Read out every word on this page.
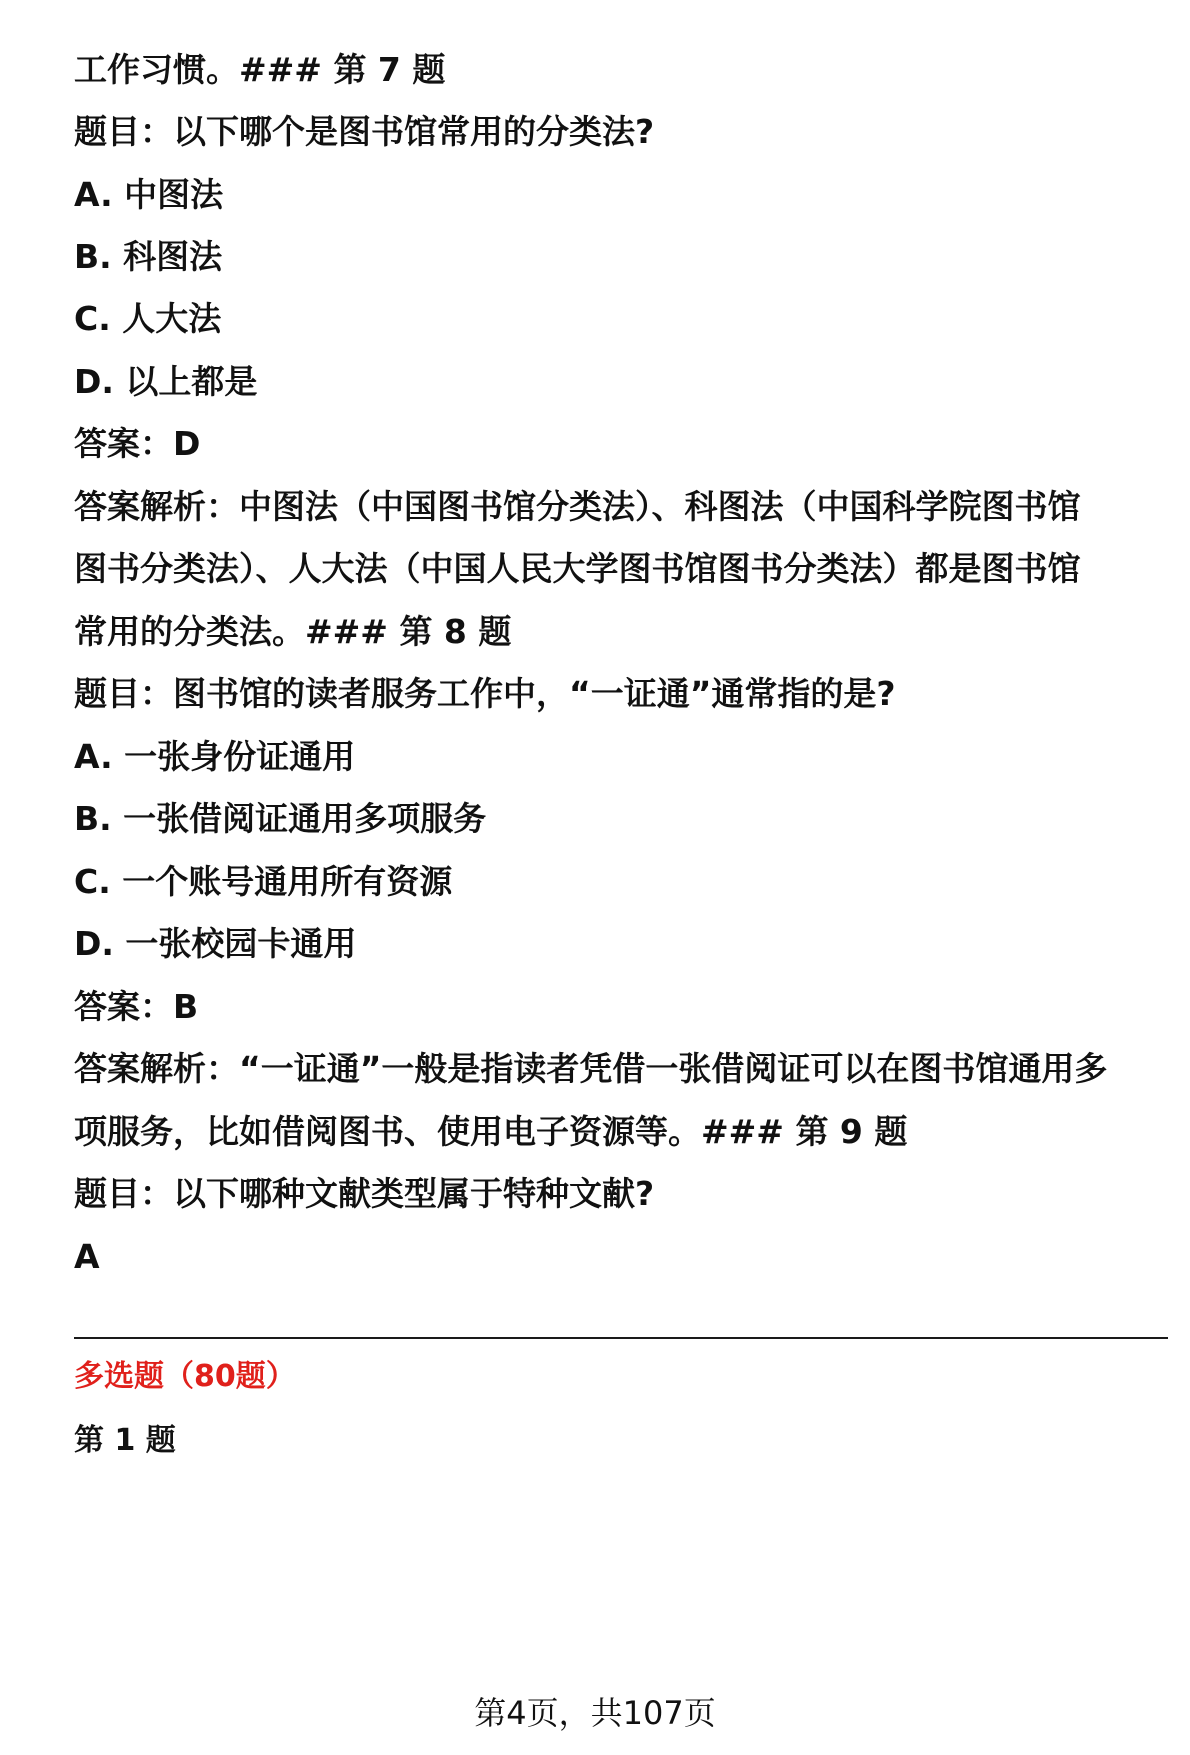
工作习惯。### 第 7 题
题目：以下哪个是图书馆常用的分类法?
A. 中图法
B. 科图法
C. 人大法
D. 以上都是
答案：D
答案解析：中图法（中国图书馆分类法）、科图法（中国科学院图书馆
图书分类法）、人大法（中国人民大学图书馆图书分类法）都是图书馆
常用的分类法。### 第 8 题
题目：图书馆的读者服务工作中，“一证通”通常指的是?
A. 一张身份证通用
B. 一张借阅证通用多项服务
C. 一个账号通用所有资源
D. 一张校园卡通用
答案：B
答案解析：“一证通”一般是指读者凭借一张借阅证可以在图书馆通用多
项服务，比如借阅图书、使用电子资源等。### 第 9 题
题目：以下哪种文献类型属于特种文献?
A
多选题（80题）
第 1 题
第4页，共107页
